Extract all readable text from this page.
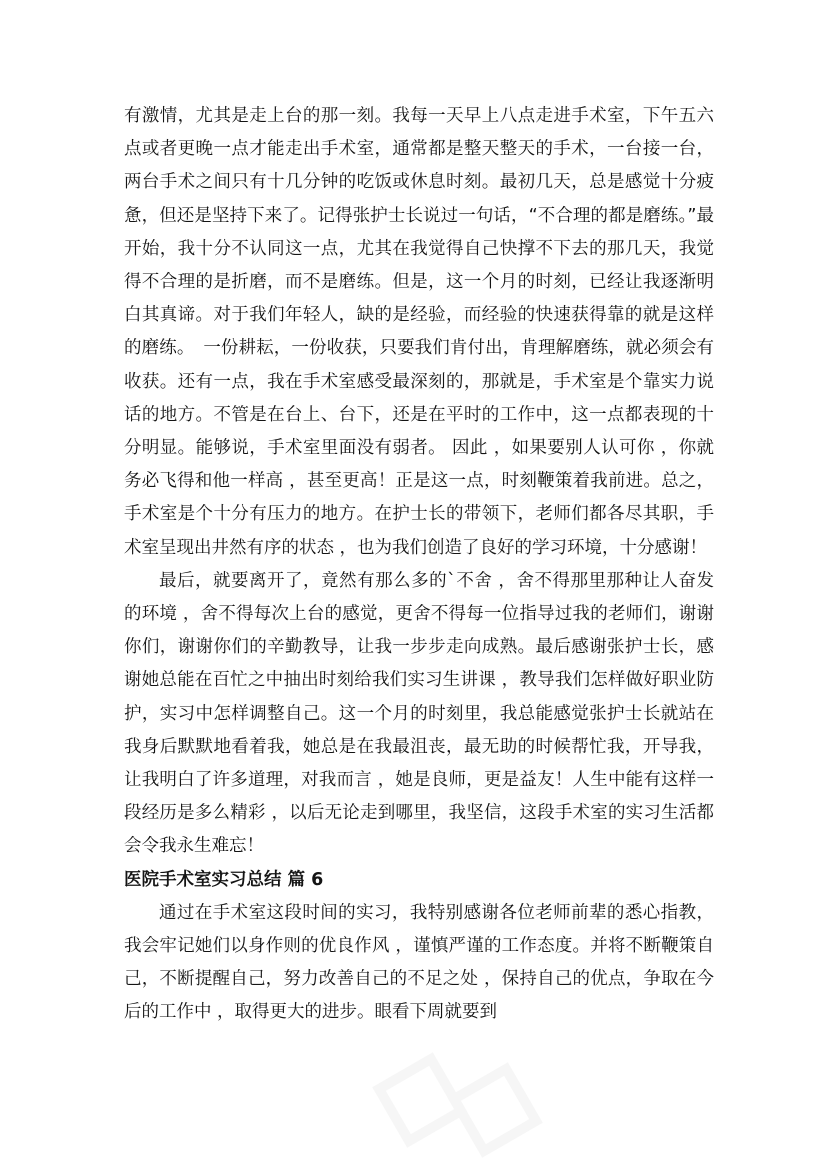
有激情，尤其是走上台的那一刻。我每一天早上八点走进手术室，下午五六点或者更晚一点才能走出手术室，通常都是整天整天的手术，一台接一台，两台手术之间只有十几分钟的吃饭或休息时刻。最初几天，总是感觉十分疲惫，但还是坚持下来了。记得张护士长说过一句话，“不合理的都是磨练。”最开始，我十分不认同这一点，尤其在我觉得自己快撑不下去的那几天，我觉得不合理的是折磨，而不是磨练。但是，这一个月的时刻，已经让我逐渐明白其真谛。对于我们年轻人，缺的是经验，而经验的快速获得靠的就是这样的磨练。　一份耕耘，一份收获，只要我们肯付出，肯理解磨练，就必须会有收获。还有一点，我在手术室感受最深刻的，那就是，手术室是个靠实力说话的地方。不管是在台上、台下，还是在平时的工作中，这一点都表现的十分明显。能够说，手术室里面没有弱者。 因此 ，如果要别人认可你 ，你就务必飞得和他一样高 ，甚至更高！正是这一点，时刻鞭策着我前进。总之，手术室是个十分有压力的地方。在护士长的带领下，老师们都各尽其职，手术室呈现出井然有序的状态 ，也为我们创造了良好的学习环境，十分感谢！

最后，就要离开了，竟然有那么多的`不舍 ，舍不得那里那种让人奋发的环境 ，舍不得每次上台的感觉，更舍不得每一位指导过我的老师们，谢谢你们，谢谢你们的辛勤教导，让我一步步走向成熟。最后感谢张护士长，感谢她总能在百忙之中抽出时刻给我们实习生讲课 ，教导我们怎样做好职业防护，实习中怎样调整自己。这一个月的时刻里，我总能感觉张护士长就站在我身后默默地看着我，她总是在我最沮丧，最无助的时候帮忙我，开导我，让我明白了许多道理，对我而言 ，她是良师，更是益友！人生中能有这样一段经历是多么精彩 ，以后无论走到哪里，我坚信，这段手术室的实习生活都会令我永生难忘！

医院手术室实习总结 篇 6

通过在手术室这段时间的实习，我特别感谢各位老师前辈的悉心指教，我会牢记她们以身作则的优良作风 ，谨慎严谨的工作态度。并将不断鞭策自己，不断提醒自己，努力改善自己的不足之处 ，保持自己的优点，争取在今后的工作中 ，取得更大的进步。眼看下周就要到
